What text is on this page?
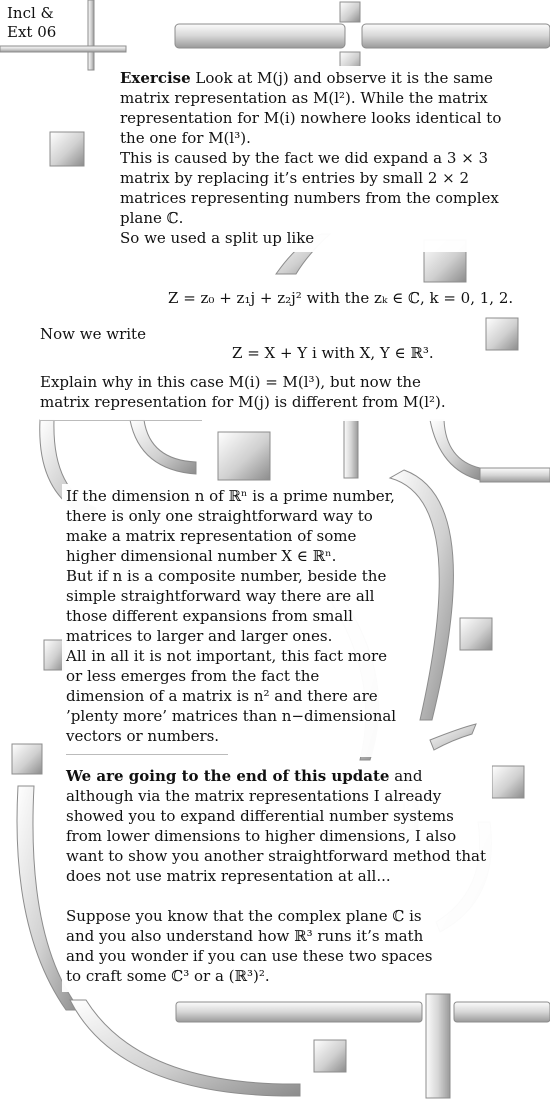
Incl &
Ext 06

Exercise Look at M(j) and observe it is the same matrix representation as M(l²). While the matrix representation for M(i) nowhere looks identical to the one for M(l³).

This is caused by the fact we did expand a 3 × 3 matrix by replacing it’s entries by small 2 × 2 matrices representing numbers from the complex plane ℂ.

So we used a split up like

Z = z₀ + z₁j + z₂j² with the zₖ ∈ ℂ, k = 0, 1, 2.
Now we write
Z = X + Y i with X, Y ∈ ℝ³.

Explain why in this case M(i) = M(l³), but now the matrix representation for M(j) is different from M(l²).

If the dimension n of ℝⁿ is a prime number, there is only one straightforward way to make a matrix representation of some higher dimensional number X ∈ ℝⁿ.

But if n is a composite number, beside the simple straightforward way there are all those different expansions from small matrices to larger and larger ones.

All in all it is not important, this fact more or less emerges from the fact the dimension of a matrix is n² and there are ’plenty more’ matrices than n−dimensional vectors or numbers.

We are going to the end of this update and although via the matrix representations I already showed you to expand differential number systems from lower dimensions to higher dimensions, I also want to show you another straightforward method that does not use matrix representation at all...

Suppose you know that the complex plane ℂ is and you also understand how ℝ³ runs it’s math and you wonder if you can use these two spaces to craft some ℂ³ or a (ℝ³)².
